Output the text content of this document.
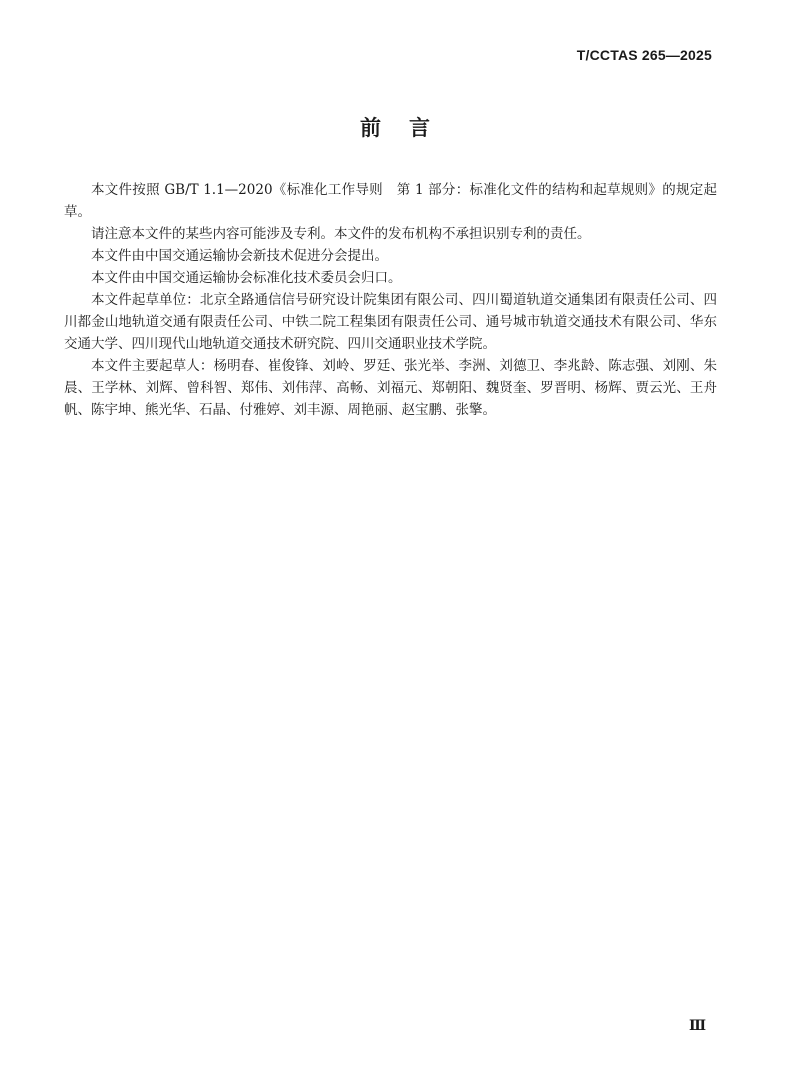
T/CCTAS 265—2025
前言

本文件按照 GB/T 1.1—2020《标准化工作导则　第 1 部分：标准化文件的结构和起草规则》的规定起草。

请注意本文件的某些内容可能涉及专利。本文件的发布机构不承担识别专利的责任。

本文件由中国交通运输协会新技术促进分会提出。

本文件由中国交通运输协会标准化技术委员会归口。

本文件起草单位：北京全路通信信号研究设计院集团有限公司、四川蜀道轨道交通集团有限责任公司、四川都金山地轨道交通有限责任公司、中铁二院工程集团有限责任公司、通号城市轨道交通技术有限公司、华东交通大学、四川现代山地轨道交通技术研究院、四川交通职业技术学院。

本文件主要起草人：杨明春、崔俊锋、刘岭、罗廷、张光举、李洲、刘德卫、李兆龄、陈志强、刘刚、朱晨、王学林、刘辉、曾科智、郑伟、刘伟萍、高畅、刘福元、郑朝阳、魏贤奎、罗晋明、杨辉、贾云光、王舟帆、陈宇坤、熊光华、石晶、付雅婷、刘丰源、周艳丽、赵宝鹏、张擎。

Ⅲ
